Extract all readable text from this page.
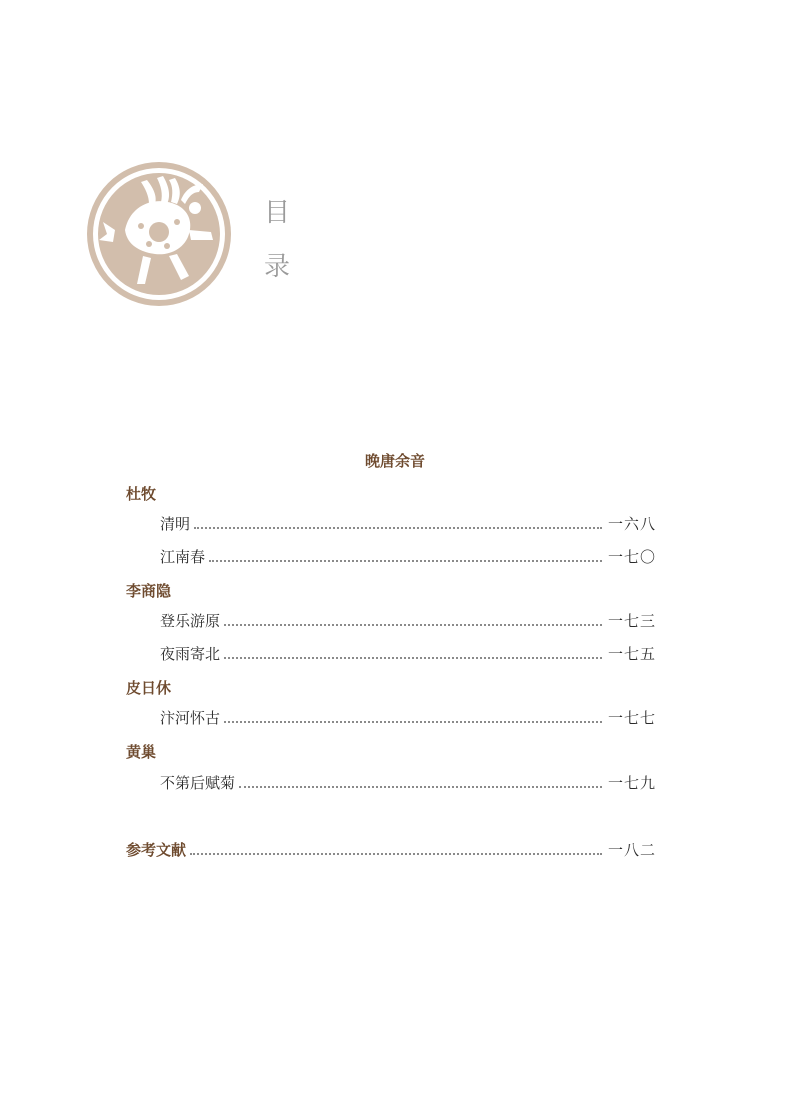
目
录
晚唐余音
杜牧
清明	一六八
江南春	一七〇
李商隐
登乐游原	一七三
夜雨寄北	一七五
皮日休
汴河怀古	一七七
黄巢
不第后赋菊	一七九
参考文献	一八二
